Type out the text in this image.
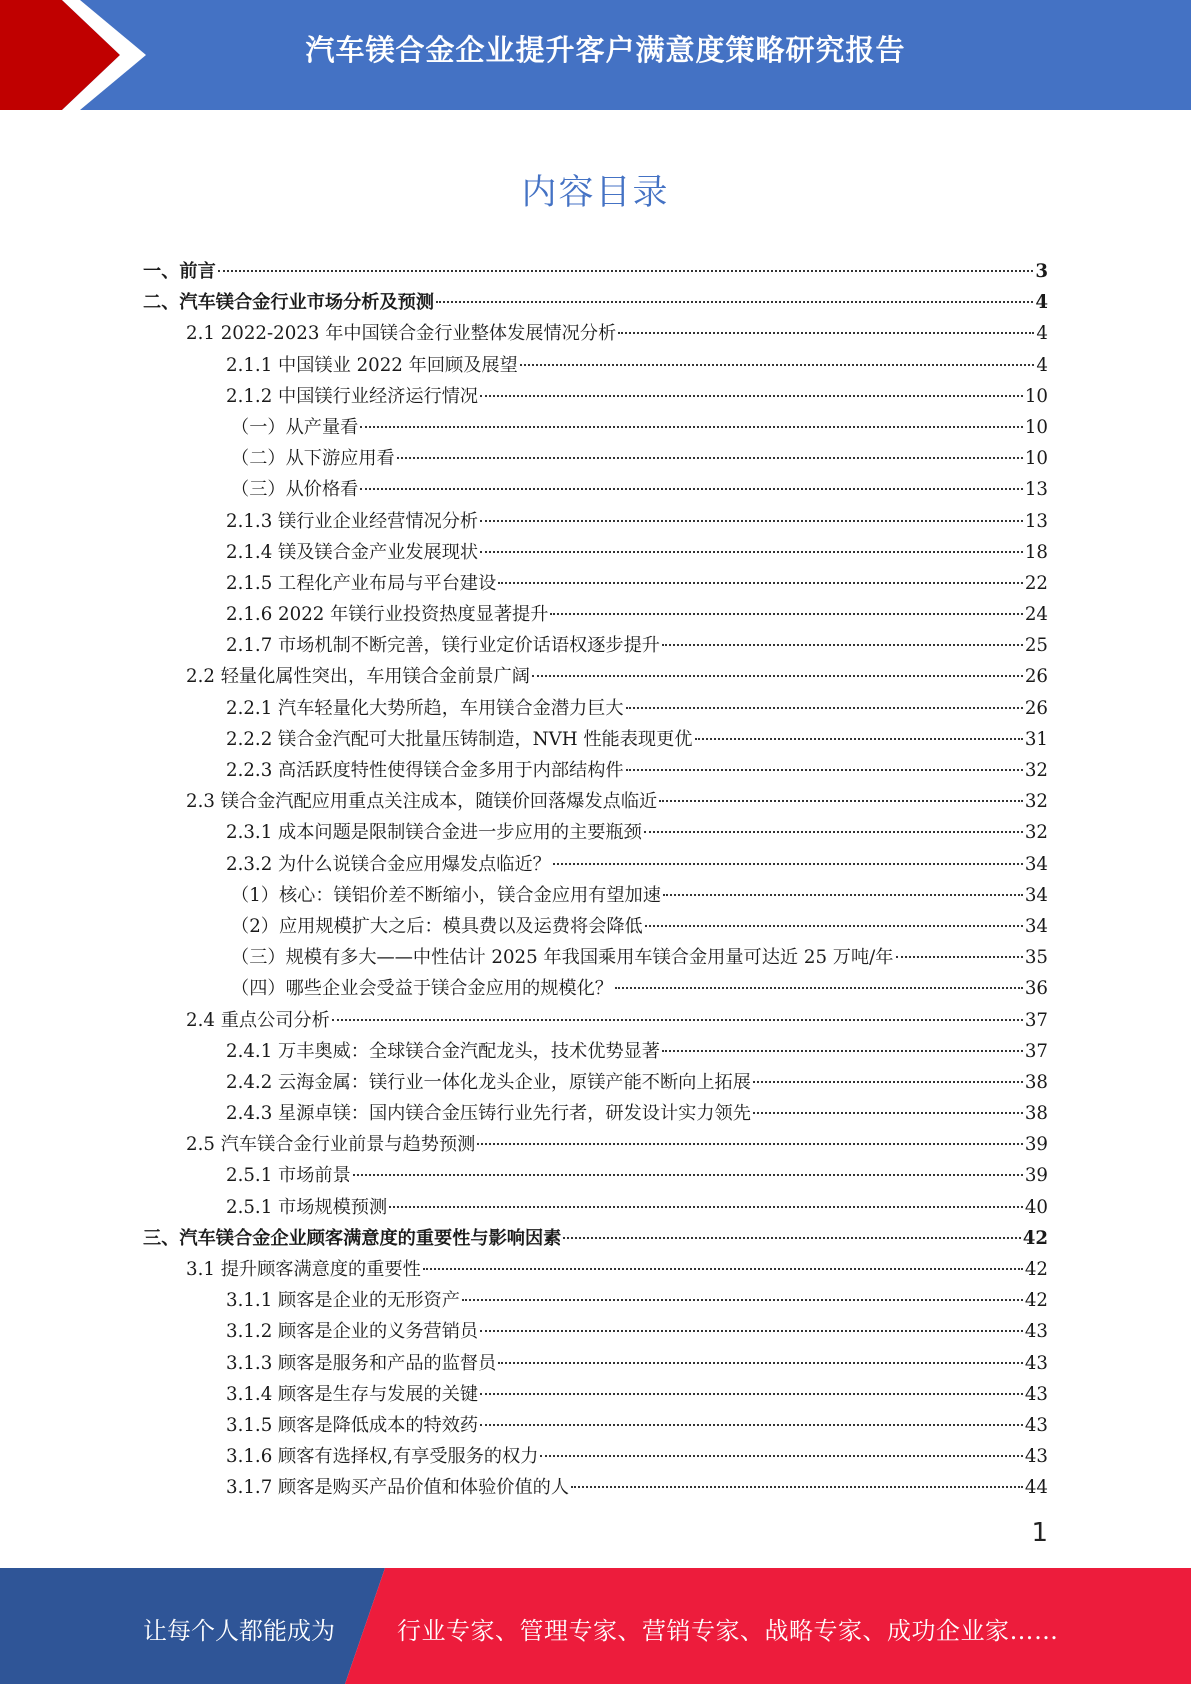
汽车镁合金企业提升客户满意度策略研究报告
内容目录
一、前言	3
二、汽车镁合金行业市场分析及预测	4
2.1 2022-2023 年中国镁合金行业整体发展情况分析	4
2.1.1 中国镁业 2022 年回顾及展望	4
2.1.2 中国镁行业经济运行情况	10
（一）从产量看	10
（二）从下游应用看	10
（三）从价格看	13
2.1.3 镁行业企业经营情况分析	13
2.1.4 镁及镁合金产业发展现状	18
2.1.5 工程化产业布局与平台建设	22
2.1.6 2022 年镁行业投资热度显著提升	24
2.1.7 市场机制不断完善，镁行业定价话语权逐步提升	25
2.2 轻量化属性突出，车用镁合金前景广阔	26
2.2.1 汽车轻量化大势所趋，车用镁合金潜力巨大	26
2.2.2 镁合金汽配可大批量压铸制造，NVH 性能表现更优	31
2.2.3 高活跃度特性使得镁合金多用于内部结构件	32
2.3 镁合金汽配应用重点关注成本，随镁价回落爆发点临近	32
2.3.1 成本问题是限制镁合金进一步应用的主要瓶颈	32
2.3.2 为什么说镁合金应用爆发点临近？	34
（1）核心：镁铝价差不断缩小，镁合金应用有望加速	34
（2）应用规模扩大之后：模具费以及运费将会降低	34
（三）规模有多大——中性估计 2025 年我国乘用车镁合金用量可达近 25 万吨/年	35
（四）哪些企业会受益于镁合金应用的规模化？	36
2.4 重点公司分析	37
2.4.1 万丰奥威：全球镁合金汽配龙头，技术优势显著	37
2.4.2 云海金属：镁行业一体化龙头企业，原镁产能不断向上拓展	38
2.4.3 星源卓镁：国内镁合金压铸行业先行者，研发设计实力领先	38
2.5 汽车镁合金行业前景与趋势预测	39
2.5.1 市场前景	39
2.5.1 市场规模预测	40
三、汽车镁合金企业顾客满意度的重要性与影响因素	42
3.1 提升顾客满意度的重要性	42
3.1.1 顾客是企业的无形资产	42
3.1.2 顾客是企业的义务营销员	43
3.1.3 顾客是服务和产品的监督员	43
3.1.4 顾客是生存与发展的关键	43
3.1.5 顾客是降低成本的特效药	43
3.1.6 顾客有选择权,有享受服务的权力	43
3.1.7 顾客是购买产品价值和体验价值的人	44
1
让每个人都能成为	行业专家、管理专家、营销专家、战略专家、成功企业家……
